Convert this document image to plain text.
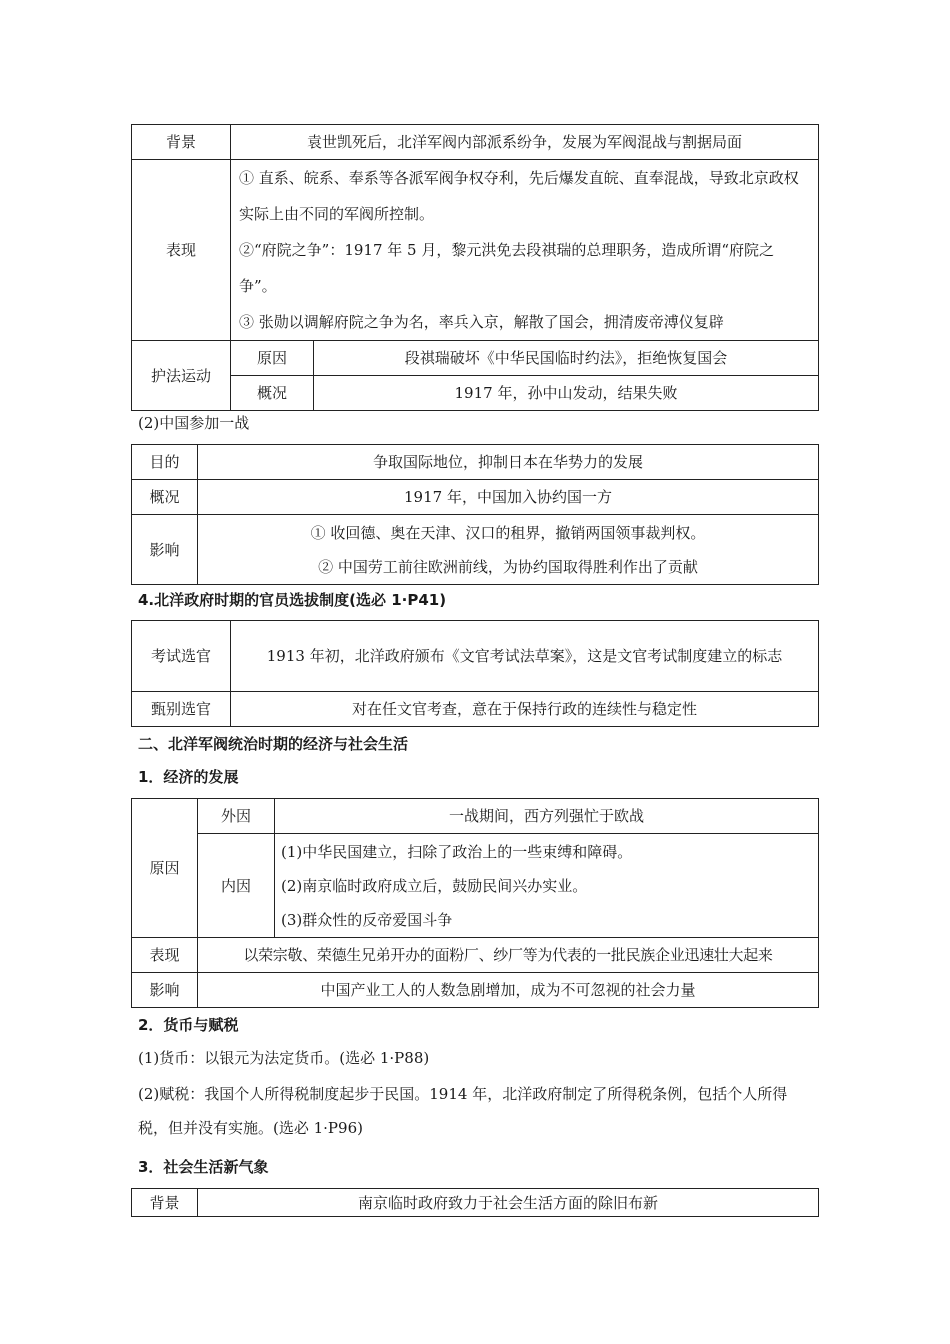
背景	袁世凯死后，北洋军阀内部派系纷争，发展为军阀混战与割据局面	
表现	① 直系、皖系、奉系等各派军阀争权夺利，先后爆发直皖、直奉混战，导致北京政权实际上由不同的军阀所控制。
②“府院之争”：1917 年 5 月，黎元洪免去段祺瑞的总理职务，造成所谓“府院之争”。
③ 张勋以调解府院之争为名，率兵入京，解散了国会，拥清废帝溥仪复辟	

护法运动	原因	段祺瑞破坏《中华民国临时约法》，拒绝恢复国会
	概况	1917 年，孙中山发动，结果失败
(2)中国参加一战
目的	争取国际地位，抑制日本在华势力的发展
概况	1917 年，中国加入协约国一方
影响	① 收回德、奥在天津、汉口的租界，撤销两国领事裁判权。
② 中国劳工前往欧洲前线，为协约国取得胜利作出了贡献
4.北洋政府时期的官员选拔制度(选必 1·P41)
考试选官	1913 年初，北洋政府颁布《文官考试法草案》，这是文官考试制度建立的标志
甄别选官	对在任文官考查，意在于保持行政的连续性与稳定性
二、北洋军阀统治时期的经济与社会生活
1．经济的发展
原因	外因	一战期间，西方列强忙于欧战
	内因	(1)中华民国建立，扫除了政治上的一些束缚和障碍。
(2)南京临时政府成立后，鼓励民间兴办实业。
(3)群众性的反帝爱国斗争

表现	以荣宗敬、荣德生兄弟开办的面粉厂、纱厂等为代表的一批民族企业迅速壮大起来	
影响	中国产业工人的人数急剧增加，成为不可忽视的社会力量	
2．货币与赋税
(1)货币：以银元为法定货币。(选必 1·P88)
(2)赋税：我国个人所得税制度起步于民国。1914 年，北洋政府制定了所得税条例，包括个人所得税，但并没有实施。(选必 1·P96)
3．社会生活新气象
背景	南京临时政府致力于社会生活方面的除旧布新
